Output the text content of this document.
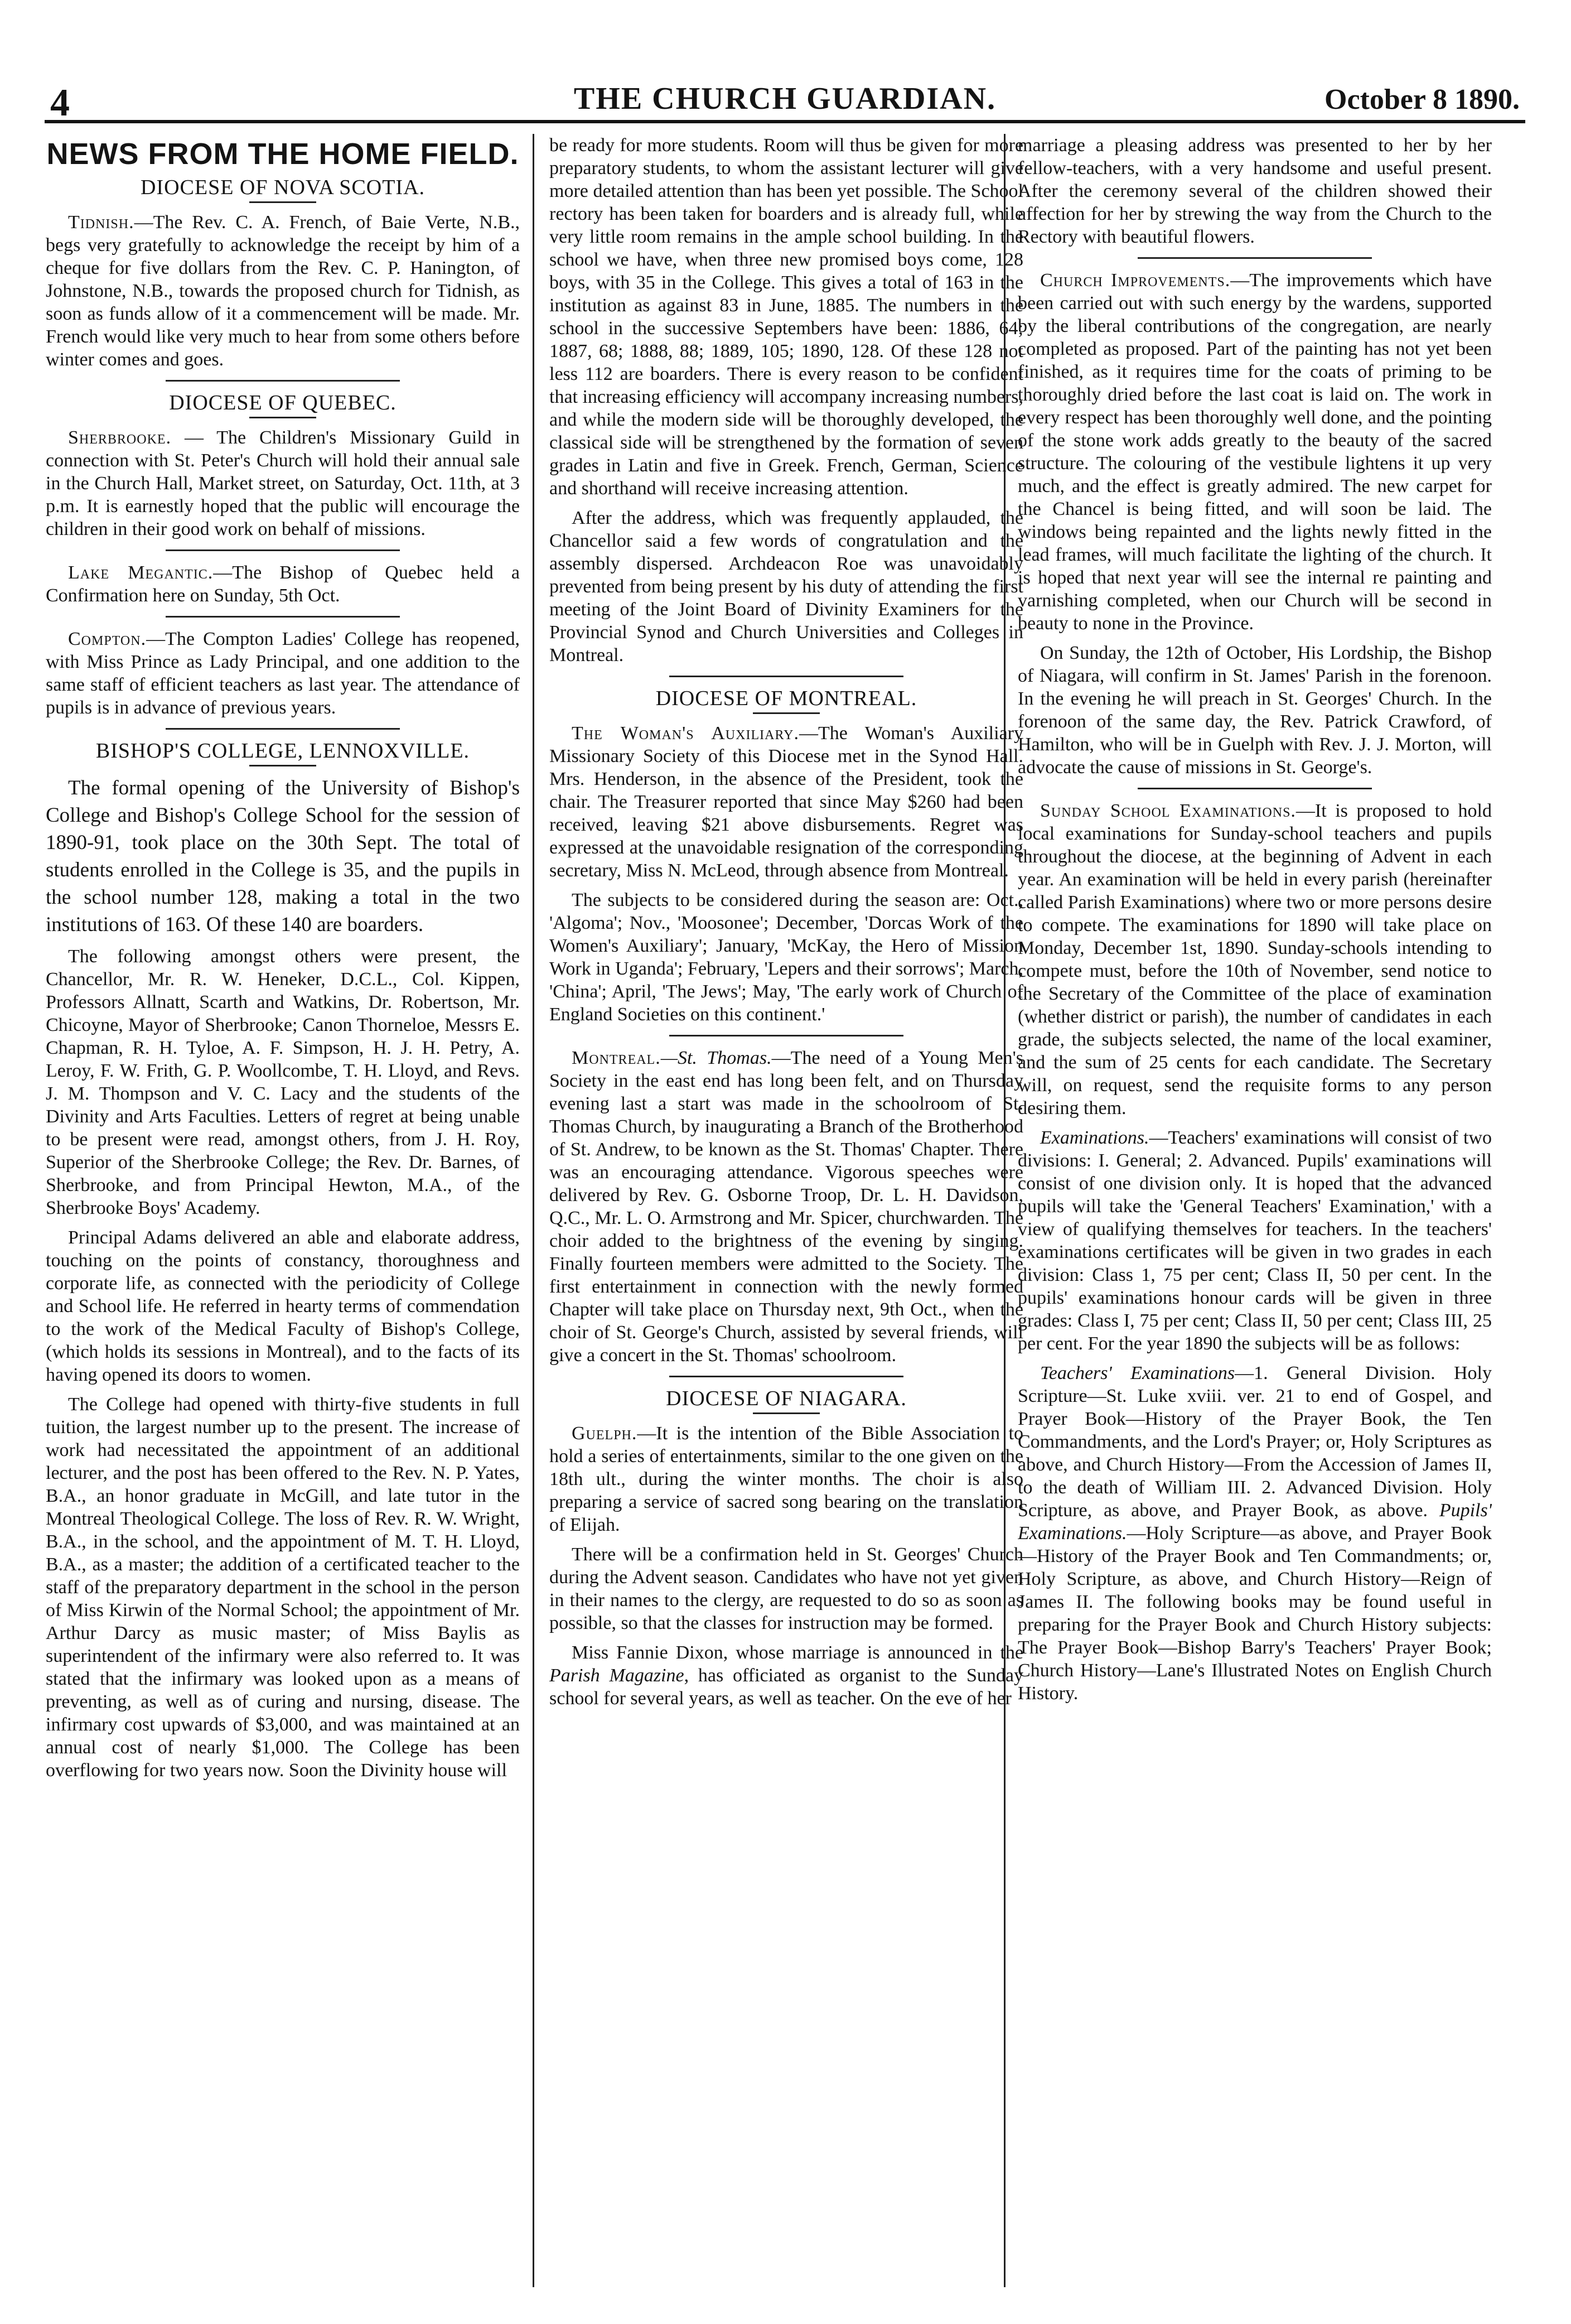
4	THE CHURCH GUARDIAN.	October 8 1890.
NEWS FROM THE HOME FIELD.
DIOCESE OF NOVA SCOTIA.

Tidnish.—The Rev. C. A. French, of Baie Verte, N.B., begs very gratefully to acknowledge the receipt by him of a cheque for five dollars from the Rev. C. P. Hanington, of Johnstone, N.B., towards the proposed church for Tidnish, as soon as funds allow of it a commencement will be made. Mr. French would like very much to hear from some others before winter comes and goes.

DIOCESE OF QUEBEC.

Sherbrooke. — The Children's Missionary Guild in connection with St. Peter's Church will hold their annual sale in the Church Hall, Market street, on Saturday, Oct. 11th, at 3 p.m. It is earnestly hoped that the public will encourage the children in their good work on behalf of missions.

Lake Megantic.—The Bishop of Quebec held a Confirmation here on Sunday, 5th Oct.

Compton.—The Compton Ladies' College has reopened, with Miss Prince as Lady Principal, and one addition to the same staff of efficient teachers as last year. The attendance of pupils is in advance of previous years.

BISHOP'S COLLEGE, LENNOXVILLE.

The formal opening of the University of Bishop's College and Bishop's College School for the session of 1890-91, took place on the 30th Sept. The total of students enrolled in the College is 35, and the pupils in the school number 128, making a total in the two institutions of 163. Of these 140 are boarders.

The following amongst others were present, the Chancellor, Mr. R. W. Heneker, D.C.L., Col. Kippen, Professors Allnatt, Scarth and Watkins, Dr. Robertson, Mr. Chicoyne, Mayor of Sherbrooke; Canon Thorneloe, Messrs E. Chapman, R. H. Tyloe, A. F. Simpson, H. J. H. Petry, A. Leroy, F. W. Frith, G. P. Woollcombe, T. H. Lloyd, and Revs. J. M. Thompson and V. C. Lacy and the students of the Divinity and Arts Faculties. Letters of regret at being unable to be present were read, amongst others, from J. H. Roy, Superior of the Sherbrooke College; the Rev. Dr. Barnes, of Sherbrooke, and from Principal Hewton, M.A., of the Sherbrooke Boys' Academy.

Principal Adams delivered an able and elaborate address, touching on the points of constancy, thoroughness and corporate life, as connected with the periodicity of College and School life. He referred in hearty terms of commendation to the work of the Medical Faculty of Bishop's College, (which holds its sessions in Montreal), and to the facts of its having opened its doors to women.

The College had opened with thirty-five students in full tuition, the largest number up to the present. The increase of work had necessitated the appointment of an additional lecturer, and the post has been offered to the Rev. N. P. Yates, B.A., an honor graduate in McGill, and late tutor in the Montreal Theological College. The loss of Rev. R. W. Wright, B.A., in the school, and the appointment of M. T. H. Lloyd, B.A., as a master; the addition of a certificated teacher to the staff of the preparatory department in the school in the person of Miss Kirwin of the Normal School; the appointment of Mr. Arthur Darcy as music master; of Miss Baylis as superintendent of the infirmary were also referred to. It was stated that the infirmary was looked upon as a means of preventing, as well as of curing and nursing, disease. The infirmary cost upwards of $3,000, and was maintained at an annual cost of nearly $1,000. The College has been overflowing for two years now. Soon the Divinity house will

be ready for more students. Room will thus be given for more preparatory students, to whom the assistant lecturer will give more detailed attention than has been yet possible. The School rectory has been taken for boarders and is already full, while very little room remains in the ample school building. In the school we have, when three new promised boys come, 128 boys, with 35 in the College. This gives a total of 163 in the institution as against 83 in June, 1885. The numbers in the school in the successive Septembers have been: 1886, 64; 1887, 68; 1888, 88; 1889, 105; 1890, 128. Of these 128 not less 112 are boarders. There is every reason to be confident that increasing efficiency will accompany increasing numbers, and while the modern side will be thoroughly developed, the classical side will be strengthened by the formation of seven grades in Latin and five in Greek. French, German, Science and shorthand will receive increasing attention.

After the address, which was frequently applauded, the Chancellor said a few words of congratulation and the assembly dispersed. Archdeacon Roe was unavoidably prevented from being present by his duty of attending the first meeting of the Joint Board of Divinity Examiners for the Provincial Synod and Church Universities and Colleges in Montreal.

DIOCESE OF MONTREAL.

The Woman's Auxiliary.—The Woman's Auxiliary Missionary Society of this Diocese met in the Synod Hall. Mrs. Henderson, in the absence of the President, took the chair. The Treasurer reported that since May $260 had been received, leaving $21 above disbursements. Regret was expressed at the unavoidable resignation of the corresponding secretary, Miss N. McLeod, through absence from Montreal.

The subjects to be considered during the season are: Oct., 'Algoma'; Nov., 'Moosonee'; December, 'Dorcas Work of the Women's Auxiliary'; January, 'McKay, the Hero of Mission Work in Uganda'; February, 'Lepers and their sorrows'; March, 'China'; April, 'The Jews'; May, 'The early work of Church of England Societies on this continent.'

Montreal.—St. Thomas.—The need of a Young Men's Society in the east end has long been felt, and on Thursday evening last a start was made in the schoolroom of St. Thomas Church, by inaugurating a Branch of the Brotherhood of St. Andrew, to be known as the St. Thomas' Chapter. There was an encouraging attendance. Vigorous speeches were delivered by Rev. G. Osborne Troop, Dr. L. H. Davidson, Q.C., Mr. L. O. Armstrong and Mr. Spicer, churchwarden. The choir added to the brightness of the evening by singing. Finally fourteen members were admitted to the Society. The first entertainment in connection with the newly formed Chapter will take place on Thursday next, 9th Oct., when the choir of St. George's Church, assisted by several friends, will give a concert in the St. Thomas' schoolroom.

DIOCESE OF NIAGARA.

Guelph.—It is the intention of the Bible Association to hold a series of entertainments, similar to the one given on the 18th ult., during the winter months. The choir is also preparing a service of sacred song bearing on the translation of Elijah.

There will be a confirmation held in St. Georges' Church during the Advent season. Candidates who have not yet given in their names to the clergy, are requested to do so as soon as possible, so that the classes for instruction may be formed.

Miss Fannie Dixon, whose marriage is announced in the Parish Magazine, has officiated as organist to the Sunday school for several years, as well as teacher. On the eve of her

marriage a pleasing address was presented to her by her fellow-teachers, with a very handsome and useful present. After the ceremony several of the children showed their affection for her by strewing the way from the Church to the Rectory with beautiful flowers.

Church Improvements.—The improvements which have been carried out with such energy by the wardens, supported by the liberal contributions of the congregation, are nearly completed as proposed. Part of the painting has not yet been finished, as it requires time for the coats of priming to be thoroughly dried before the last coat is laid on. The work in every respect has been thoroughly well done, and the pointing of the stone work adds greatly to the beauty of the sacred structure. The colouring of the vestibule lightens it up very much, and the effect is greatly admired. The new carpet for the Chancel is being fitted, and will soon be laid. The windows being repainted and the lights newly fitted in the lead frames, will much facilitate the lighting of the church. It is hoped that next year will see the internal re painting and varnishing completed, when our Church will be second in beauty to none in the Province.

On Sunday, the 12th of October, His Lordship, the Bishop of Niagara, will confirm in St. James' Parish in the forenoon. In the evening he will preach in St. Georges' Church. In the forenoon of the same day, the Rev. Patrick Crawford, of Hamilton, who will be in Guelph with Rev. J. J. Morton, will advocate the cause of missions in St. George's.

Sunday School Examinations.—It is proposed to hold local examinations for Sunday-school teachers and pupils throughout the diocese, at the beginning of Advent in each year. An examination will be held in every parish (hereinafter called Parish Examinations) where two or more persons desire to compete. The examinations for 1890 will take place on Monday, December 1st, 1890. Sunday-schools intending to compete must, before the 10th of November, send notice to the Secretary of the Committee of the place of examination (whether district or parish), the number of candidates in each grade, the subjects selected, the name of the local examiner, and the sum of 25 cents for each candidate. The Secretary will, on request, send the requisite forms to any person desiring them.

Examinations.—Teachers' examinations will consist of two divisions: I. General; 2. Advanced. Pupils' examinations will consist of one division only. It is hoped that the advanced pupils will take the 'General Teachers' Examination,' with a view of qualifying themselves for teachers. In the teachers' examinations certificates will be given in two grades in each division: Class 1, 75 per cent; Class II, 50 per cent. In the pupils' examinations honour cards will be given in three grades: Class I, 75 per cent; Class II, 50 per cent; Class III, 25 per cent. For the year 1890 the subjects will be as follows:

Teachers' Examinations—1. General Division. Holy Scripture—St. Luke xviii. ver. 21 to end of Gospel, and Prayer Book—History of the Prayer Book, the Ten Commandments, and the Lord's Prayer; or, Holy Scriptures as above, and Church History—From the Accession of James II, to the death of William III. 2. Advanced Division. Holy Scripture, as above, and Prayer Book, as above. Pupils' Examinations.—Holy Scripture—as above, and Prayer Book—History of the Prayer Book and Ten Commandments; or, Holy Scripture, as above, and Church History—Reign of James II. The following books may be found useful in preparing for the Prayer Book and Church History subjects: The Prayer Book—Bishop Barry's Teachers' Prayer Book; Church History—Lane's Illustrated Notes on English Church History.
